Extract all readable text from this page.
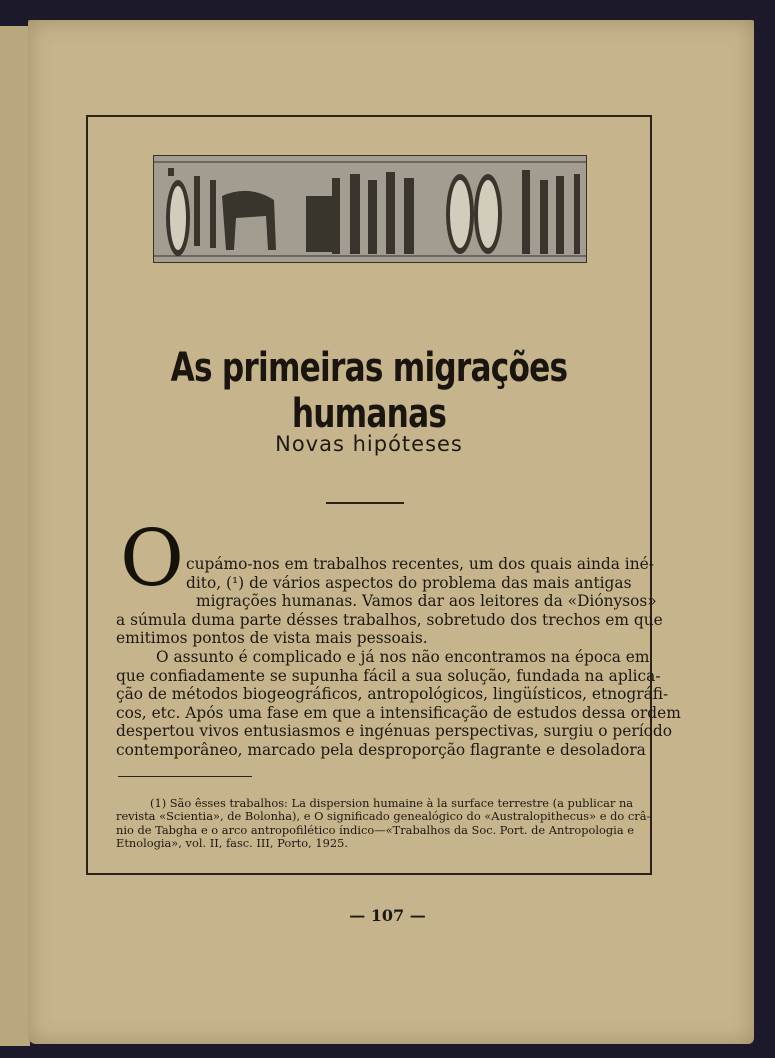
As primeiras migrações humanas
Novas hipóteses
O cupámo-nos em trabalhos recentes, um dos quais ainda iné-
dito, (¹) de vários aspectos do problema das mais antigas
migrações humanas. Vamos dar aos leitores da «Diónysos»
a súmula duma parte désses trabalhos, sobretudo dos trechos em que
emitimos pontos de vista mais pessoais.
O assunto é complicado e já nos não encontramos na época em
que confiadamente se supunha fácil a sua solução, fundada na aplica-
ção de métodos biogeográficos, antropológicos, lingüísticos, etnográfi-
cos, etc. Após uma fase em que a intensificação de estudos dessa ordem
despertou vivos entusiasmos e ingénuas perspectivas, surgiu o período
contemporâneo, marcado pela desproporção flagrante e desoladora
(1) São êsses trabalhos: La dispersion humaine à la surface terrestre (a publicar na
revista «Scientia», de Bolonha), e O significado genealógico do «Australopithecus» e do crâ-
nio de Tabgha e o arco antropofilético índico—«Trabalhos da Soc. Port. de Antropologia e
Etnologia», vol. II, fasc. III, Porto, 1925.
— 107 —
